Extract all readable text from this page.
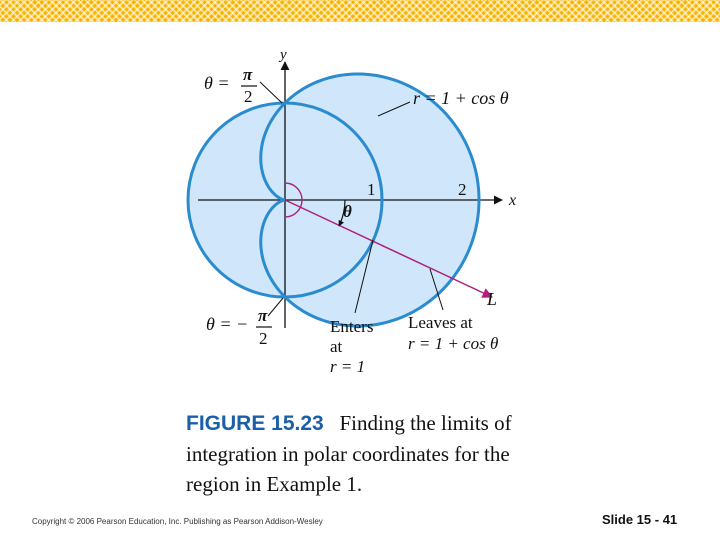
y
x
1	2
θ = π
2
θ = − π
2
r = 1 + cos θ
θ
L
Enters
at
r = 1
Leaves at
r = 1 + cos θ
FIGURE 15.23 Finding the limits of integration in polar coordinates for the region in Example 1.
Copyright © 2006 Pearson Education, Inc. Publishing as Pearson Addison-Wesley	Slide 15 - 41
